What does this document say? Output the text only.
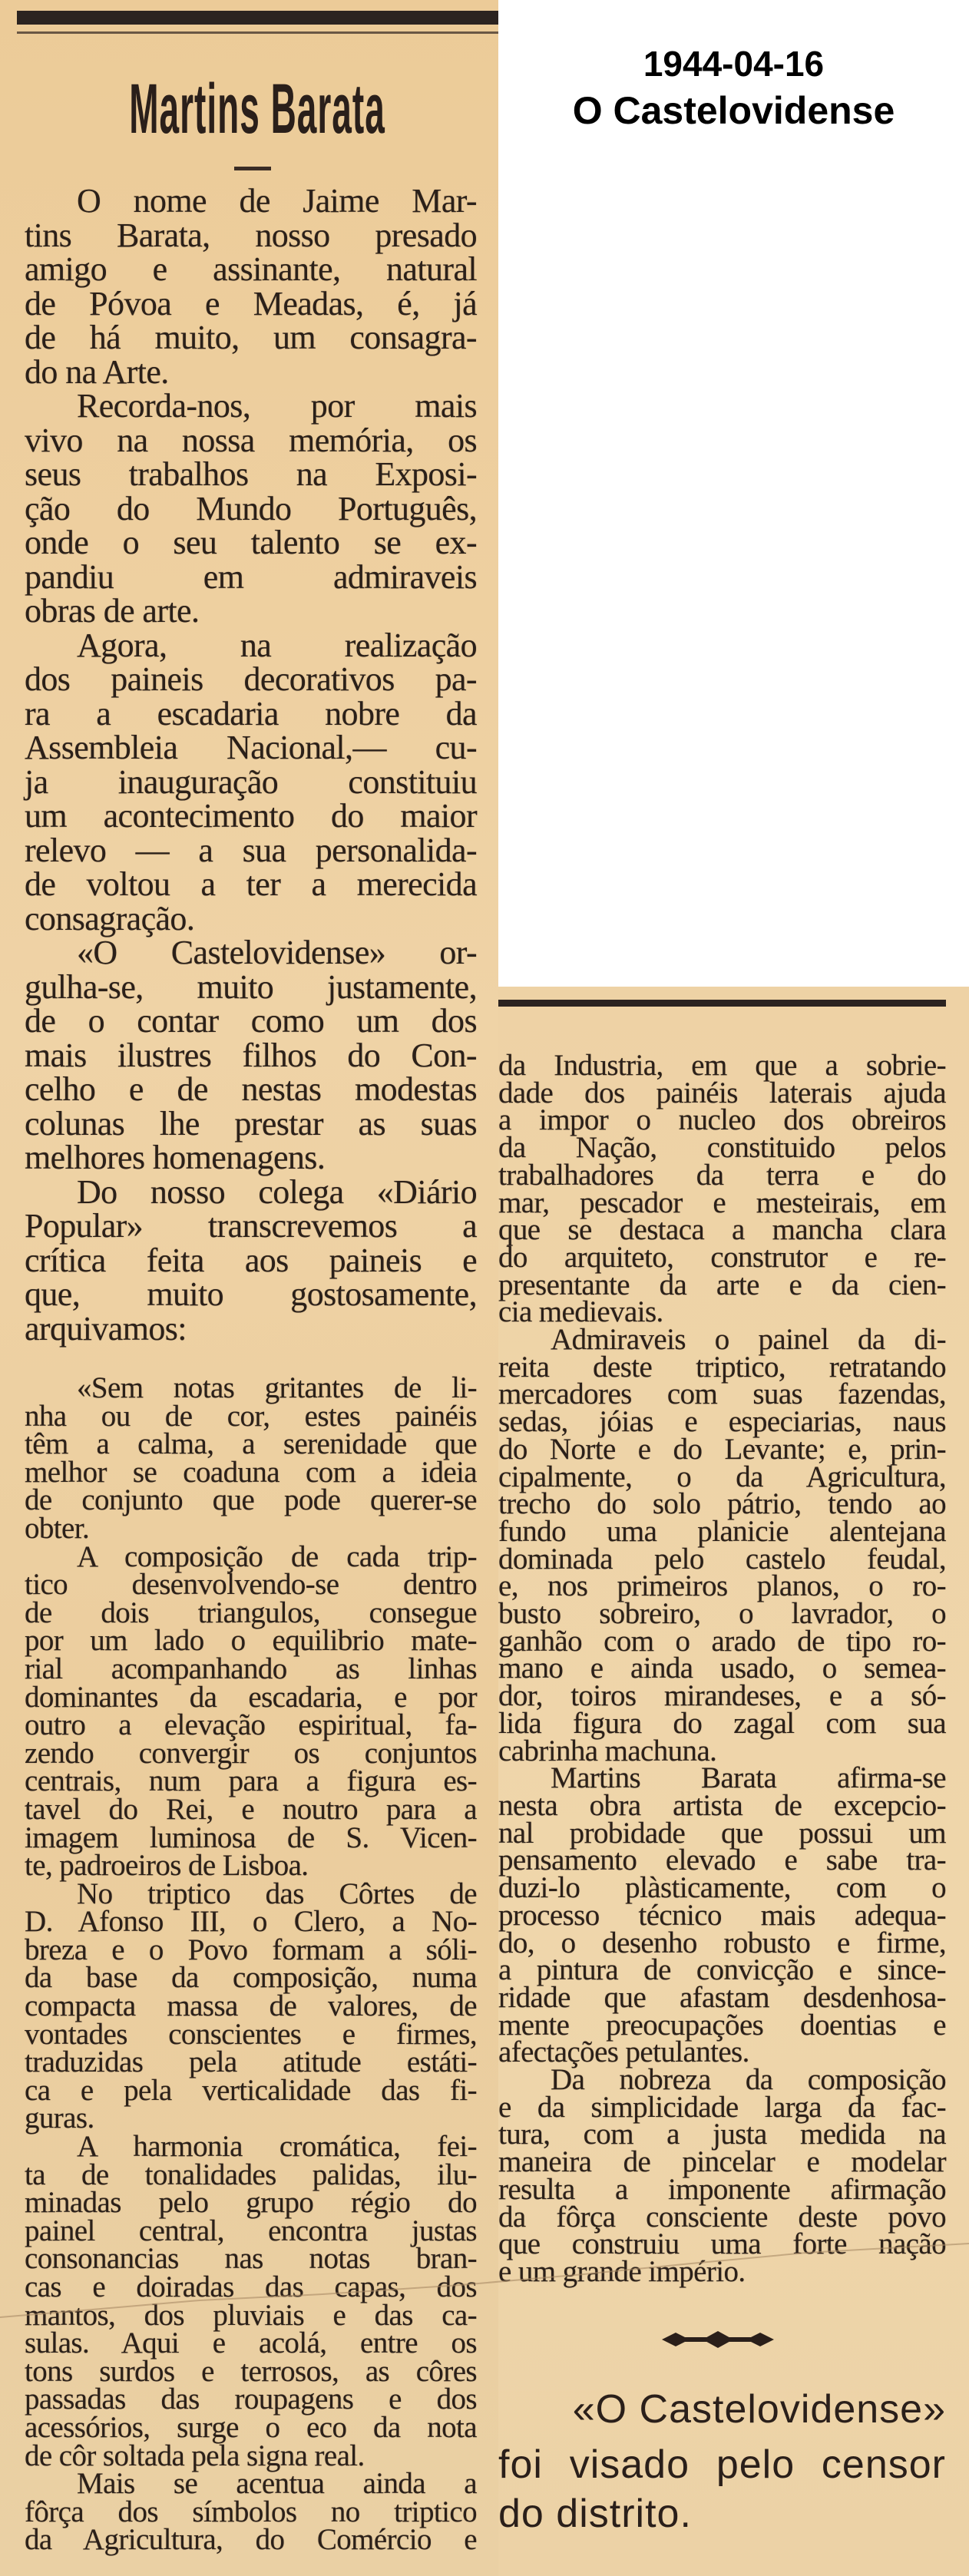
1944-04-16
O Castelovidense
Martins Barata
O nome de Jaime Mar-
tins Barata, nosso presado
amigo e assinante, natural
de Póvoa e Meadas, é, já
de há muito, um consagra-
do na Arte.
Recorda-nos, por mais
vivo na nossa memória, os
seus trabalhos na Exposi-
ção do Mundo Português,
onde o seu talento se ex-
pandiu em admiraveis
obras de arte.
Agora, na realização
dos paineis decorativos pa-
ra a escadaria nobre da
Assembleia Nacional,— cu-
ja inauguração constituiu
um acontecimento do maior
relevo — a sua personalida-
de voltou a ter a merecida
consagração.
«O Castelovidense» or-
gulha-se, muito justamente,
de o contar como um dos
mais ilustres filhos do Con-
celho e de nestas modestas
colunas lhe prestar as suas
melhores homenagens.
Do nosso colega «Diário
Popular» transcrevemos a
crítica feita aos paineis e
que, muito gostosamente,
arquivamos:
«Sem notas gritantes de li-
nha ou de cor, estes painéis
têm a calma, a serenidade que
melhor se coaduna com a ideia
de conjunto que pode querer-se
obter.
A composição de cada trip-
tico desenvolvendo-se dentro
de dois triangulos, consegue
por um lado o equilibrio mate-
rial acompanhando as linhas
dominantes da escadaria, e por
outro a elevação espiritual, fa-
zendo convergir os conjuntos
centrais, num para a figura es-
tavel do Rei, e noutro para a
imagem luminosa de S. Vicen-
te, padroeiros de Lisboa.
No triptico das Côrtes de
D. Afonso III, o Clero, a No-
breza e o Povo formam a sóli-
da base da composição, numa
compacta massa de valores, de
vontades conscientes e firmes,
traduzidas pela atitude estáti-
ca e pela verticalidade das fi-
guras.
A harmonia cromática, fei-
ta de tonalidades palidas, ilu-
minadas pelo grupo régio do
painel central, encontra justas
consonancias nas notas bran-
cas e doiradas das capas, dos
mantos, dos pluviais e das ca-
sulas. Aqui e acolá, entre os
tons surdos e terrosos, as côres
passadas das roupagens e dos
acessórios, surge o eco da nota
de côr soltada pela signa real.
Mais se acentua ainda a
fôrça dos símbolos no triptico
da Agricultura, do Comércio e
da Industria, em que a sobrie-
dade dos painéis laterais ajuda
a impor o nucleo dos obreiros
da Nação, constituido pelos
trabalhadores da terra e do
mar, pescador e mesteirais, em
que se destaca a mancha clara
do arquiteto, construtor e re-
presentante da arte e da cien-
cia medievais.
Admiraveis o painel da di-
reita deste triptico, retratando
mercadores com suas fazendas,
sedas, jóias e especiarias, naus
do Norte e do Levante; e, prin-
cipalmente, o da Agricultura,
trecho do solo pátrio, tendo ao
fundo uma planicie alentejana
dominada pelo castelo feudal,
e, nos primeiros planos, o ro-
busto sobreiro, o lavrador, o
ganhão com o arado de tipo ro-
mano e ainda usado, o semea-
dor, toiros mirandeses, e a só-
lida figura do zagal com sua
cabrinha machuna.
Martins Barata afirma-se
nesta obra artista de excepcio-
nal probidade que possui um
pensamento elevado e sabe tra-
duzi-lo plàsticamente, com o
processo técnico mais adequa-
do, o desenho robusto e firme,
a pintura de convicção e since-
ridade que afastam desdenhosa-
mente preocupações doentias e
afectações petulantes.
Da nobreza da composição
e da simplicidade larga da fac-
tura, com a justa medida na
maneira de pincelar e modelar
resulta a imponente afirmação
da fôrça consciente deste povo
que construiu uma forte nação
e um grande império.
«O Castelovidense»
foi visado pelo censor
do distrito.
